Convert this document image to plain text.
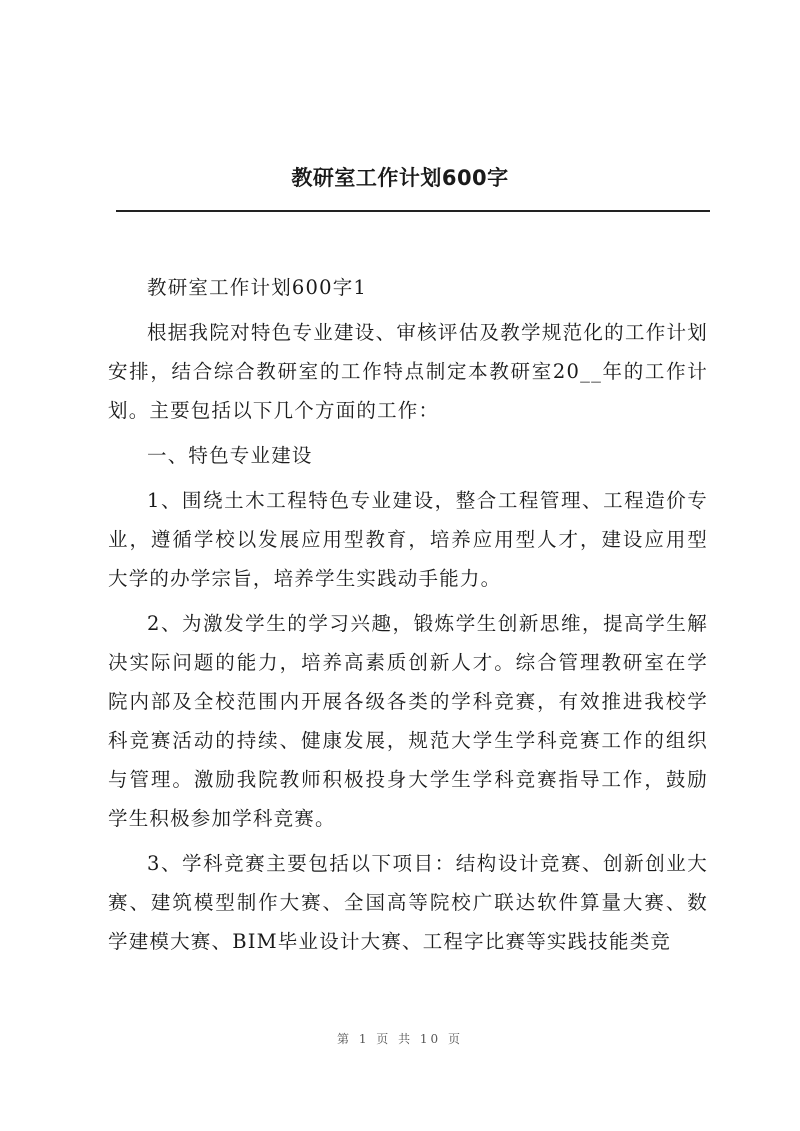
教研室工作计划600字

教研室工作计划600字1

根据我院对特色专业建设、审核评估及教学规范化的工作计划安排，结合综合教研室的工作特点制定本教研室20__年的工作计划。主要包括以下几个方面的工作：

一、特色专业建设

1、围绕土木工程特色专业建设，整合工程管理、工程造价专业，遵循学校以发展应用型教育，培养应用型人才，建设应用型大学的办学宗旨，培养学生实践动手能力。

2、为激发学生的学习兴趣，锻炼学生创新思维，提高学生解决实际问题的能力，培养高素质创新人才。综合管理教研室在学院内部及全校范围内开展各级各类的学科竞赛，有效推进我校学科竞赛活动的持续、健康发展，规范大学生学科竞赛工作的组织与管理。激励我院教师积极投身大学生学科竞赛指导工作，鼓励学生积极参加学科竞赛。

3、学科竞赛主要包括以下项目：结构设计竞赛、创新创业大赛、建筑模型制作大赛、全国高等院校广联达软件算量大赛、数学建模大赛、BIM毕业设计大赛、工程字比赛等实践技能类竞

第 1 页 共 10 页
